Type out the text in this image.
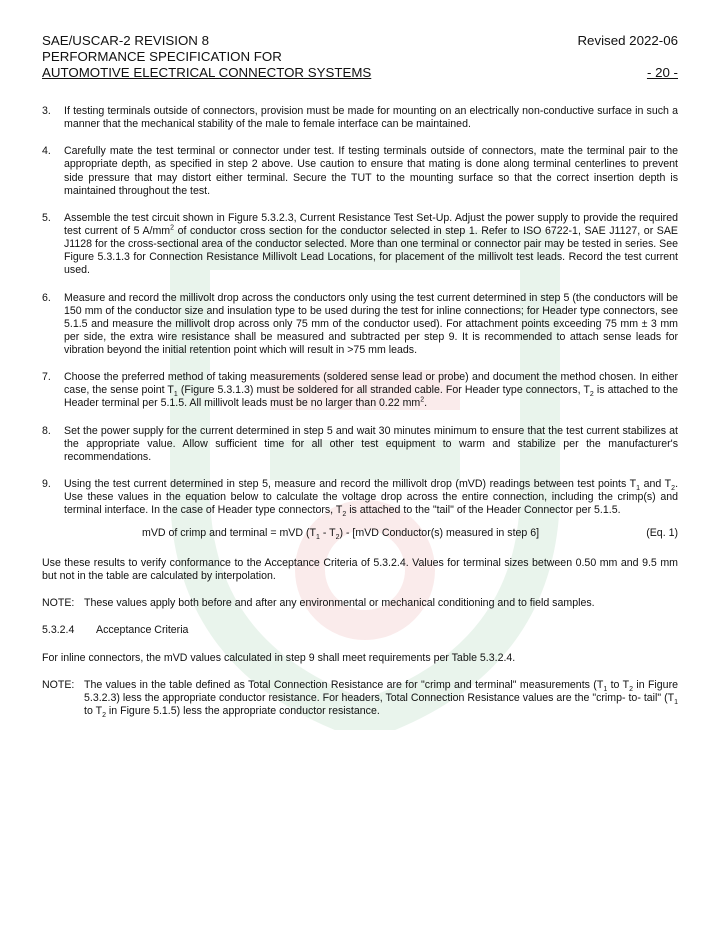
SAE/USCAR-2 REVISION 8	Revised 2022-06
PERFORMANCE SPECIFICATION FOR
AUTOMOTIVE ELECTRICAL CONNECTOR SYSTEMS	- 20 -
3.	If testing terminals outside of connectors, provision must be made for mounting on an electrically non-conductive surface in such a manner that the mechanical stability of the male to female interface can be maintained.
4.	Carefully mate the test terminal or connector under test. If testing terminals outside of connectors, mate the terminal pair to the appropriate depth, as specified in step 2 above. Use caution to ensure that mating is done along terminal centerlines to prevent side pressure that may distort either terminal. Secure the TUT to the mounting surface so that the correct insertion depth is maintained throughout the test.
5.	Assemble the test circuit shown in Figure 5.3.2.3, Current Resistance Test Set-Up. Adjust the power supply to provide the required test current of 5 $A/mm^2$ of conductor cross section for the conductor selected in step 1. Refer to ISO 6722-1, SAE J1127, or SAE J1128 for the cross-sectional area of the conductor selected. More than one terminal or connector pair may be tested in series. See Figure 5.3.1.3 for Connection Resistance Millivolt Lead Locations, for placement of the millivolt test leads. Record the test current used.
6.	Measure and record the millivolt drop across the conductors only using the test current determined in step 5 (the conductors will be 150 mm of the conductor size and insulation type to be used during the test for inline connections; for Header type connectors, see 5.1.5 and measure the millivolt drop across only 75 mm of the conductor used). For attachment points exceeding 75 mm ± 3 mm per side, the extra wire resistance shall be measured and subtracted per step 9. It is recommended to attach sense leads for vibration beyond the initial retention point which will result in >75 mm leads.
7.	Choose the preferred method of taking measurements (soldered sense lead or probe) and document the method chosen. In either case, the sense point $T_1$ (Figure 5.3.1.3) must be soldered for all stranded cable. For Header type connectors, $T_2$ is attached to the Header terminal per 5.1.5. All millivolt leads must be no larger than 0.22 $mm^2$.
8.	Set the power supply for the current determined in step 5 and wait 30 minutes minimum to ensure that the test current stabilizes at the appropriate value. Allow sufficient time for all other test equipment to warm and stabilize per the manufacturer's recommendations.
9.	Using the test current determined in step 5, measure and record the millivolt drop (mVD) readings between test points $T_1$ and $T_2$. Use these values in the equation below to calculate the voltage drop across the entire connection, including the crimp(s) and terminal interface. In the case of Header type connectors, $T_2$ is attached to the "tail" of the Header Connector per 5.1.5.
mVD of crimp and terminal = mVD $(T_1 - T_2) - [mVD$ Conductor(s) measured in step 6]	(Eq. 1)
Use these results to verify conformance to the Acceptance Criteria of 5.3.2.4. Values for terminal sizes between 0.50 mm and 9.5 mm but not in the table are calculated by interpolation.
NOTE: These values apply both before and after any environmental or mechanical conditioning and to field samples.
5.3.2.4	Acceptance Criteria
For inline connectors, the mVD values calculated in step 9 shall meet requirements per Table 5.3.2.4.
NOTE: The values in the table defined as Total Connection Resistance are for "crimp and terminal" measurements ($T_1$ to $T_2$ in Figure 5.3.2.3) less the appropriate conductor resistance. For headers, Total Connection Resistance values are the "crimp- to- tail" ($T_1$ to $T_2$ in Figure 5.1.5) less the appropriate conductor resistance.
